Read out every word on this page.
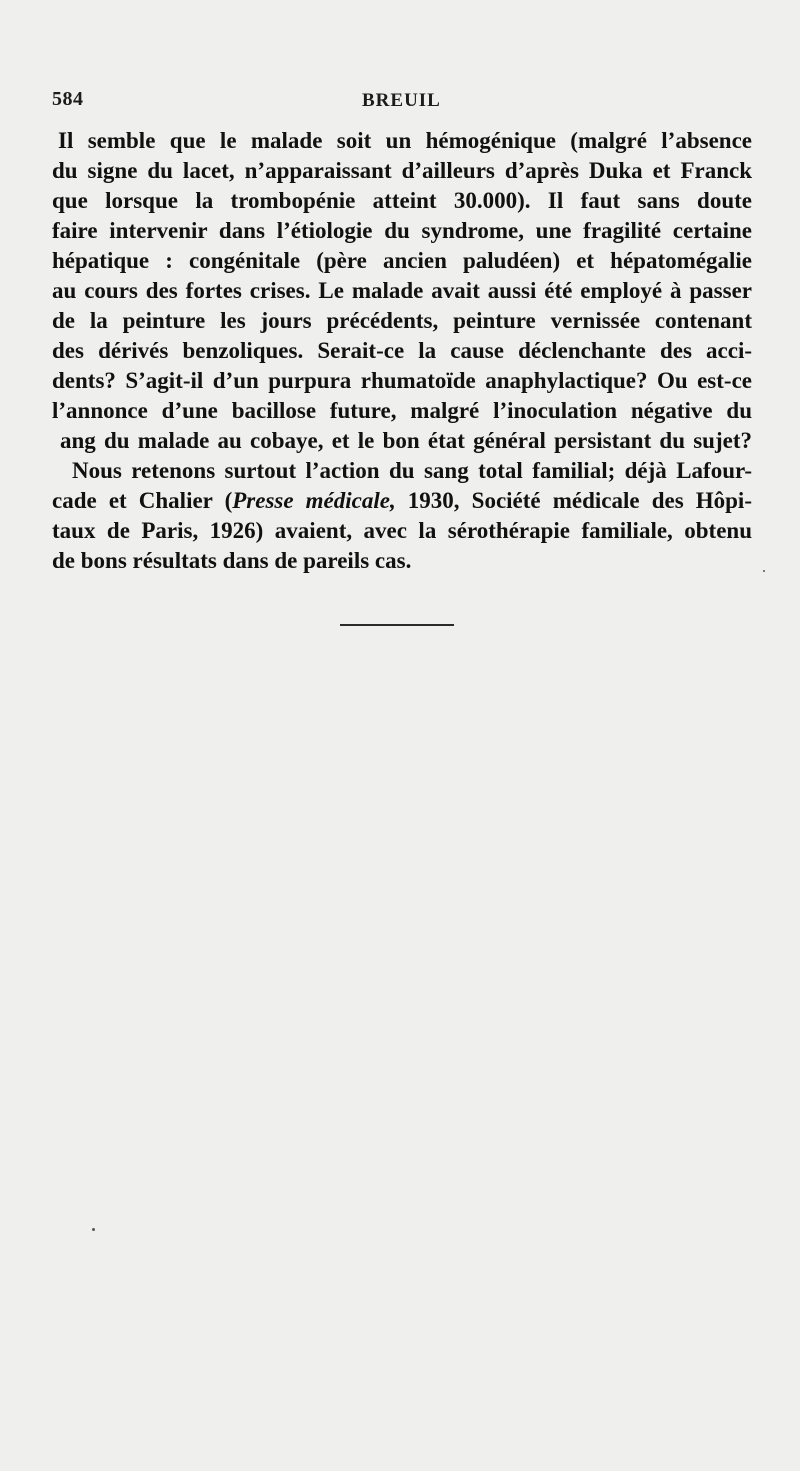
584	BREUIL
Il semble que le malade soit un hémogénique (malgré l’absence
du signe du lacet, n’apparaissant d’ailleurs d’après Duka et Franck
que lorsque la trombopénie atteint 30.000). Il faut sans doute
faire intervenir dans l’étiologie du syndrome, une fragilité certaine
hépatique : congénitale (père ancien paludéen) et hépatomégalie
au cours des fortes crises. Le malade avait aussi été employé à passer
de la peinture les jours précédents, peinture vernissée contenant
des dérivés benzoliques. Serait-ce la cause déclenchante des acci-
dents? S’agit-il d’un purpura rhumatoïde anaphylactique? Ou est-ce
l’annonce d’une bacillose future, malgré l’inoculation négative du
ang du malade au cobaye, et le bon état général persistant du sujet?
Nous retenons surtout l’action du sang total familial; déjà Lafour-
cade et Chalier (Presse médicale, 1930, Société médicale des Hôpi-
taux de Paris, 1926) avaient, avec la sérothérapie familiale, obtenu
de bons résultats dans de pareils cas.
